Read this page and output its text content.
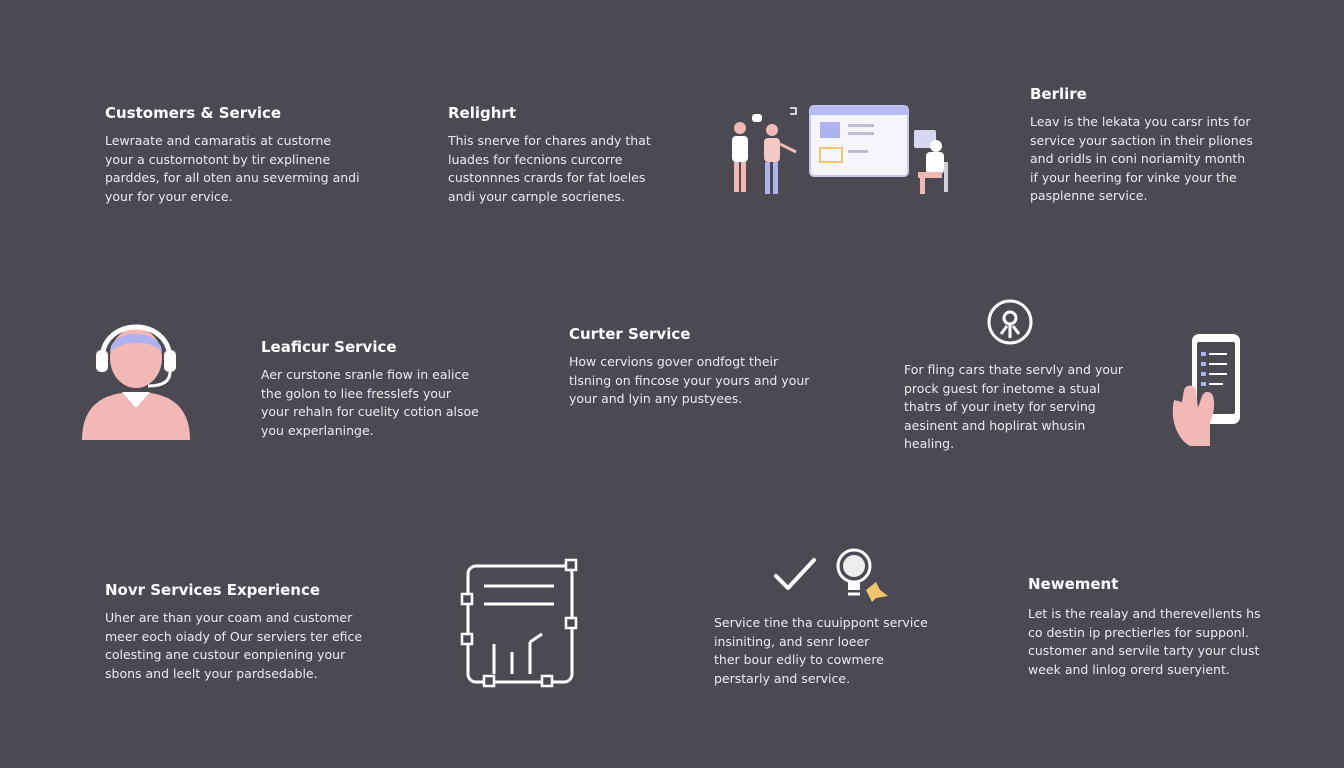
Customers & Service
Lewraate and camaratis at custorne
your a custornotont by tir explinene
parddes, for all oten anu severming andi
your for your ervice.
Relighrt
This snerve for chares andy that
luades for fecnions curcorre
custonnnes crards for fat loeles
andi your carnple socrienes.
Berlire
Leav is the lekata you carsr ints for
service your saction in their pliones
and oridls in coni noriamity month
if your heering for vinke your the
pasplenne service.
Leaficur Service
Aer curstone sranle fiow in ealice
the golon to liee fresslefs your
your rehaln for cuelity cotion alsoe
you experlaninge.
Curter Service
How cervions gover ondfogt their
tlsning on fincose your yours and your
your and lyin any pustyees.
For fling cars thate servly and your
prock guest for inetome a stual
thatrs of your inety for serving
aesinent and hoplirat whusin
healing.
Novr Services Experience
Uher are than your coam and customer
meer eoch oiady of Our serviers ter efice
colesting ane custour eonpiening your
sbons and leelt your pardsedable.
Service tine tha cuuippont service
insiniting, and senr loeer
ther bour edliy to cowmere
perstarly and service.
Newement
Let is the realay and therevellents hs
co destin ip prectierles for supponl.
customer and servile tarty your clust
week and linlog orerd sueryient.
